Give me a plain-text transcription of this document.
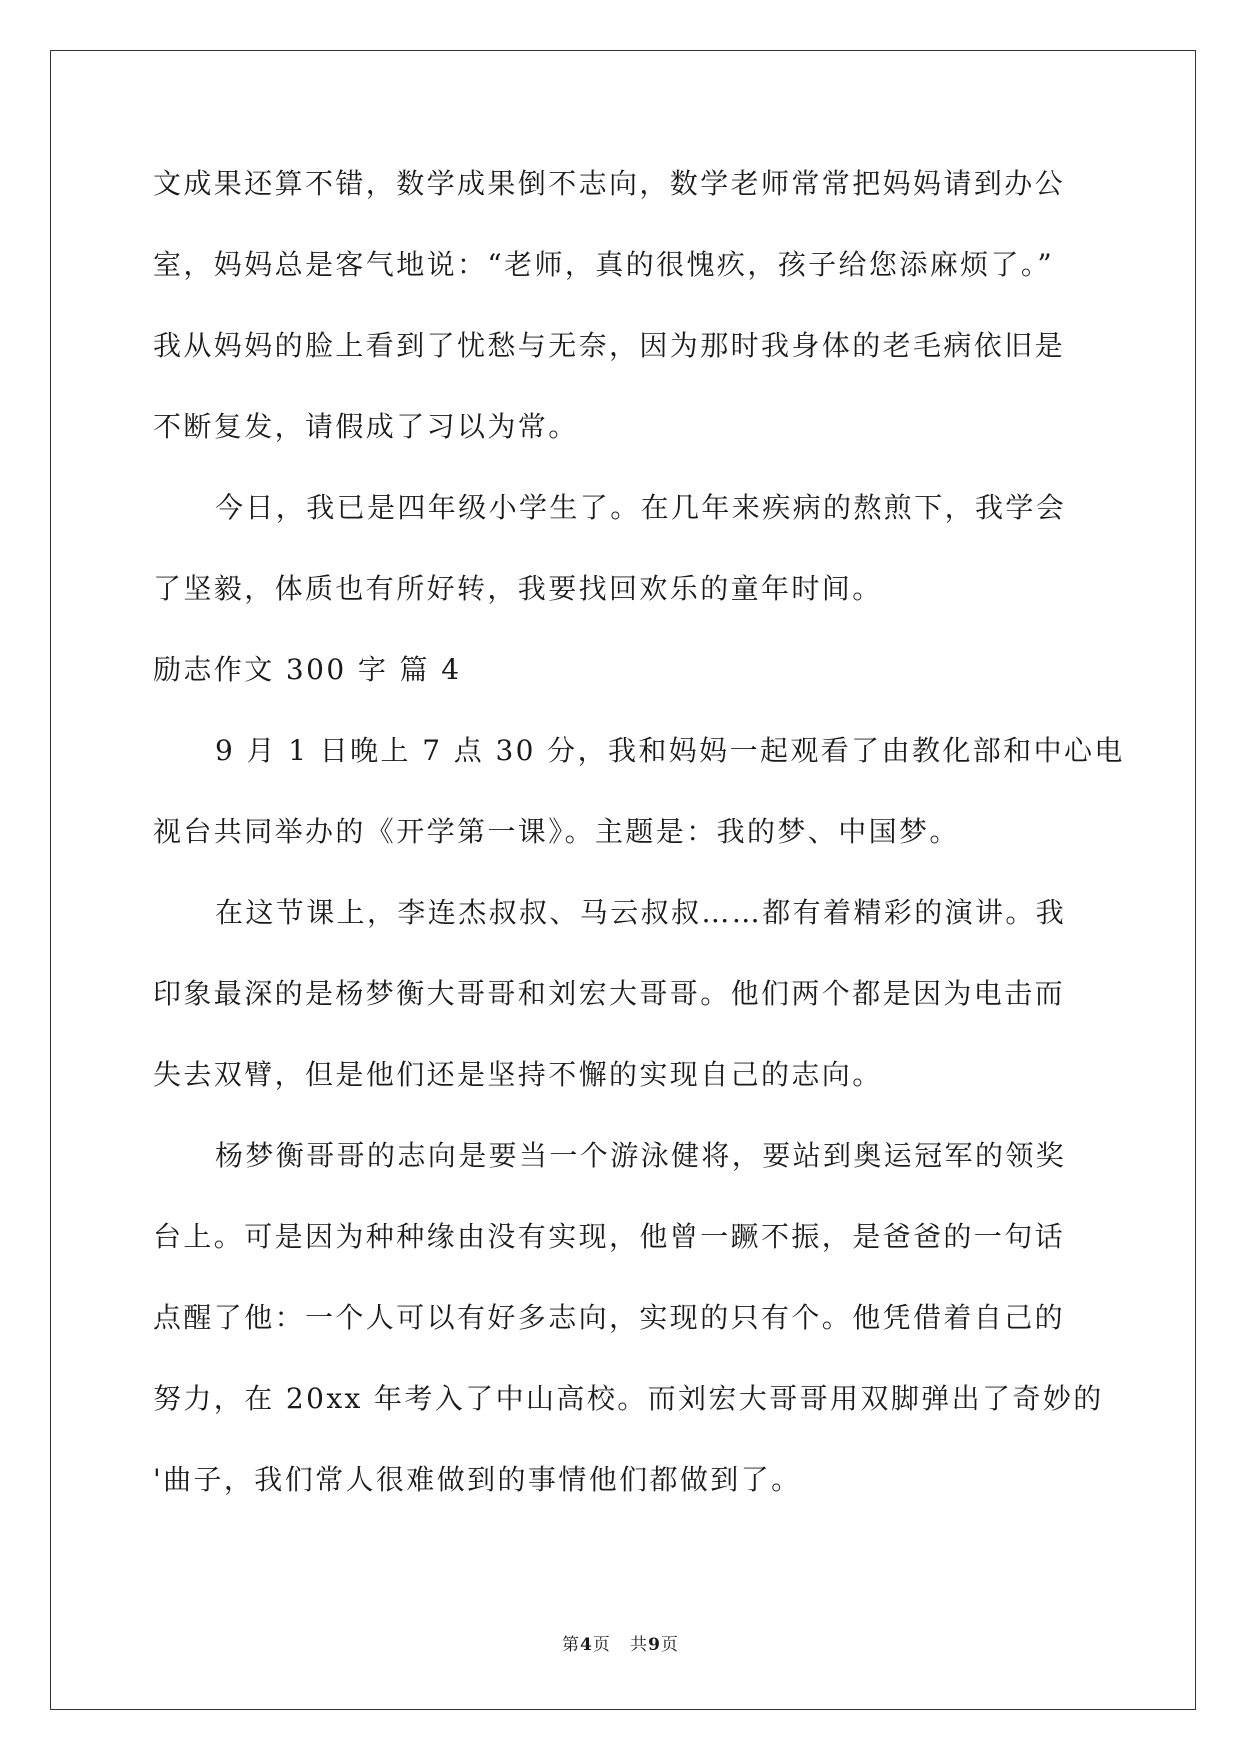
文成果还算不错，数学成果倒不志向，数学老师常常把妈妈请到办公

室，妈妈总是客气地说：“老师，真的很愧疚，孩子给您添麻烦了。”

我从妈妈的脸上看到了忧愁与无奈，因为那时我身体的老毛病依旧是

不断复发，请假成了习以为常。

今日，我已是四年级小学生了。在几年来疾病的熬煎下，我学会

了坚毅，体质也有所好转，我要找回欢乐的童年时间。

励志作文 300 字 篇 4

9 月 1 日晚上 7 点 30 分，我和妈妈一起观看了由教化部和中心电

视台共同举办的《开学第一课》。主题是：我的梦、中国梦。

在这节课上，李连杰叔叔、马云叔叔……都有着精彩的演讲。我

印象最深的是杨梦衡大哥哥和刘宏大哥哥。他们两个都是因为电击而

失去双臂，但是他们还是坚持不懈的实现自己的志向。

杨梦衡哥哥的志向是要当一个游泳健将，要站到奥运冠军的领奖

台上。可是因为种种缘由没有实现，他曾一蹶不振，是爸爸的一句话

点醒了他：一个人可以有好多志向，实现的只有个。他凭借着自己的

努力，在 20xx 年考入了中山高校。而刘宏大哥哥用双脚弹出了奇妙的

'曲子，我们常人很难做到的事情他们都做到了。

第4页 共9页
